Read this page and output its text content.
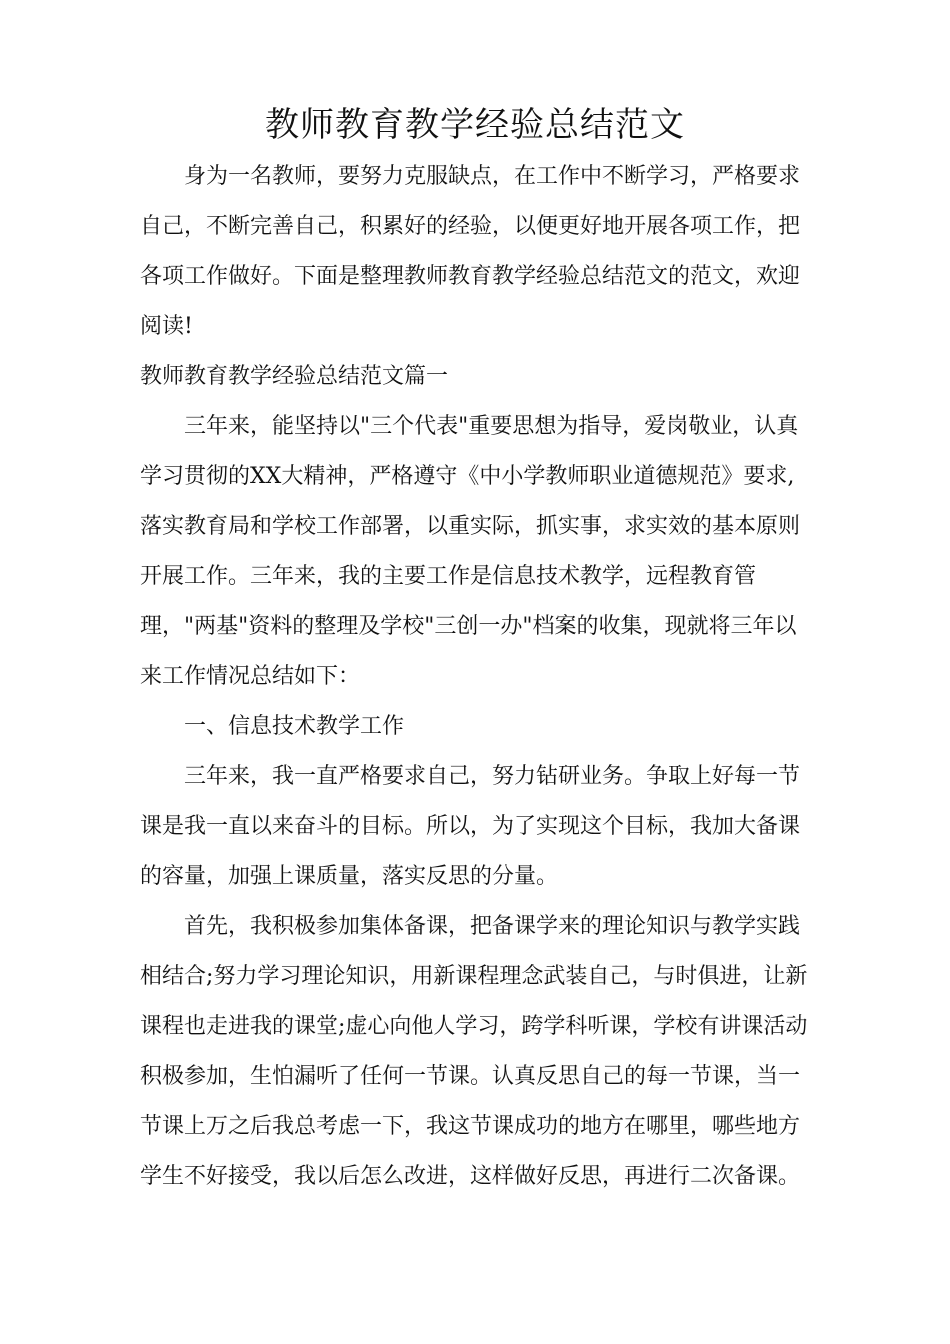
教师教育教学经验总结范文

身为一名教师，要努力克服缺点，在工作中不断学习，严格要求

自己，不断完善自己，积累好的经验，以便更好地开展各项工作，把

各项工作做好。下面是整理教师教育教学经验总结范文的范文，欢迎

阅读!

教师教育教学经验总结范文篇一

三年来，能坚持以"三个代表"重要思想为指导，爱岗敬业，认真

学习贯彻的XX大精神，严格遵守《中小学教师职业道德规范》要求,

落实教育局和学校工作部署，以重实际，抓实事，求实效的基本原则

开展工作。三年来，我的主要工作是信息技术教学，远程教育管

理，"两基"资料的整理及学校"三创一办"档案的收集，现就将三年以

来工作情况总结如下：

一、信息技术教学工作

三年来，我一直严格要求自己，努力钻研业务。争取上好每一节

课是我一直以来奋斗的目标。所以，为了实现这个目标，我加大备课

的容量，加强上课质量，落实反思的分量。

首先，我积极参加集体备课，把备课学来的理论知识与教学实践

相结合;努力学习理论知识，用新课程理念武装自己，与时俱进，让新

课程也走进我的课堂;虚心向他人学习，跨学科听课，学校有讲课活动

积极参加，生怕漏听了任何一节课。认真反思自己的每一节课，当一

节课上万之后我总考虑一下，我这节课成功的地方在哪里，哪些地方

学生不好接受，我以后怎么改进，这样做好反思，再进行二次备课。
